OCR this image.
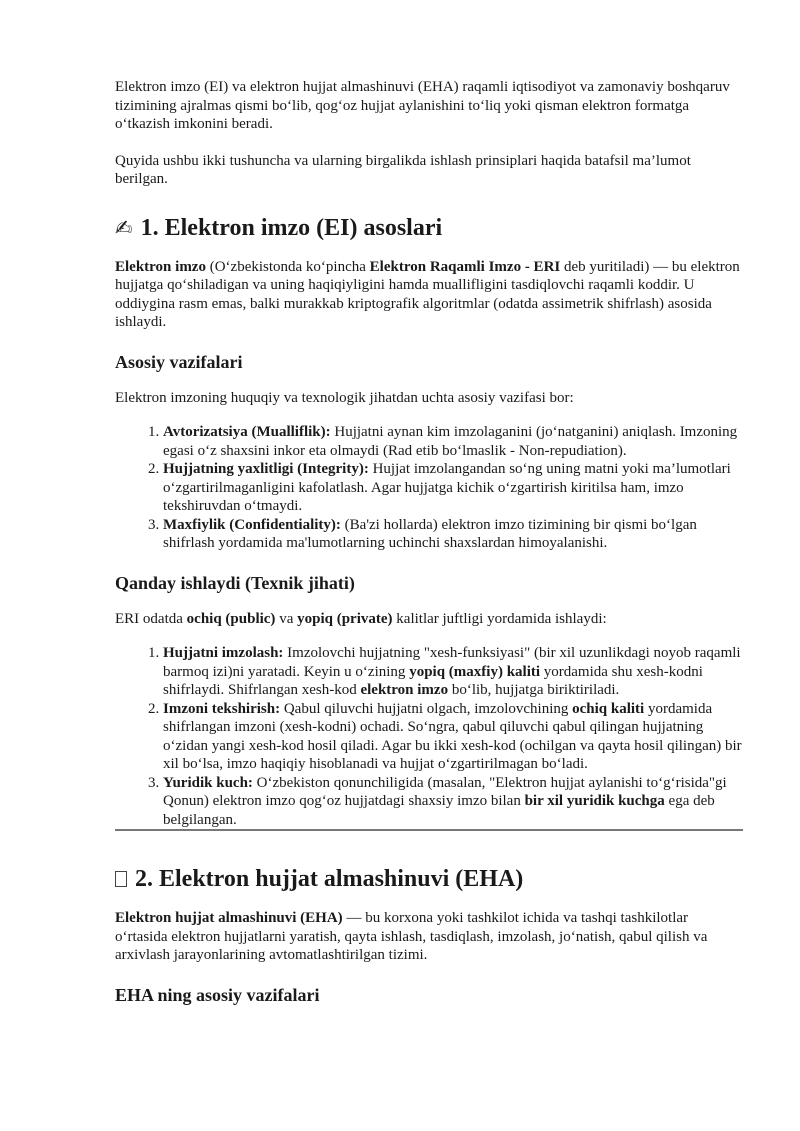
Elektron imzo (EI) va elektron hujjat almashinuvi (EHA) raqamli iqtisodiyot va zamonaviy boshqaruv tizimining ajralmas qismi bo‘lib, qog‘oz hujjat aylanishini to‘liq yoki qisman elektron formatga o‘tkazish imkonini beradi.

Quyida ushbu ikki tushuncha va ularning birgalikda ishlash prinsiplari haqida batafsil ma’lumot berilgan.

✍ 1. Elektron imzo (EI) asoslari

Elektron imzo (O‘zbekistonda ko‘pincha Elektron Raqamli Imzo - ERI deb yuritiladi) — bu elektron hujjatga qo‘shiladigan va uning haqiqiyligini hamda muallifligini tasdiqlovchi raqamli koddir. U oddiygina rasm emas, balki murakkab kriptografik algoritmlar (odatda assimetrik shifrlash) asosida ishlaydi.

Asosiy vazifalari

Elektron imzoning huquqiy va texnologik jihatdan uchta asosiy vazifasi bor:

1. Avtorizatsiya (Mualliflik): Hujjatni aynan kim imzolaganini (jo‘natganini) aniqlash. Imzoning egasi o‘z shaxsini inkor eta olmaydi (Rad etib bo‘lmaslik - Non-repudiation).
2. Hujjatning yaxlitligi (Integrity): Hujjat imzolangandan so‘ng uning matni yoki ma’lumotlari o‘zgartirilmaganligini kafolatlash. Agar hujjatga kichik o‘zgartirish kiritilsa ham, imzo tekshiruvdan o‘tmaydi.
3. Maxfiylik (Confidentiality): (Ba'zi hollarda) elektron imzo tizimining bir qismi bo‘lgan shifrlash yordamida ma'lumotlarning uchinchi shaxslardan himoyalanishi.
Qanday ishlaydi (Texnik jihati)

ERI odatda ochiq (public) va yopiq (private) kalitlar juftligi yordamida ishlaydi:

1. Hujjatni imzolash: Imzolovchi hujjatning "xesh-funksiyasi" (bir xil uzunlikdagi noyob raqamli barmoq izi)ni yaratadi. Keyin u o‘zining yopiq (maxfiy) kaliti yordamida shu xesh-kodni shifrlaydi. Shifrlangan xesh-kod elektron imzo bo‘lib, hujjatga biriktiriladi.
2. Imzoni tekshirish: Qabul qiluvchi hujjatni olgach, imzolovchining ochiq kaliti yordamida shifrlangan imzoni (xesh-kodni) ochadi. So‘ngra, qabul qiluvchi qabul qilingan hujjatning o‘zidan yangi xesh-kod hosil qiladi. Agar bu ikki xesh-kod (ochilgan va qayta hosil qilingan) bir xil bo‘lsa, imzo haqiqiy hisoblanadi va hujjat o‘zgartirilmagan bo‘ladi.
3. Yuridik kuch: O‘zbekiston qonunchiligida (masalan, "Elektron hujjat aylanishi to‘g‘risida"gi Qonun) elektron imzo qog‘oz hujjatdagi shaxsiy imzo bilan bir xil yuridik kuchga ega deb belgilangan.
2. Elektron hujjat almashinuvi (EHA)

Elektron hujjat almashinuvi (EHA) — bu korxona yoki tashkilot ichida va tashqi tashkilotlar o‘rtasida elektron hujjatlarni yaratish, qayta ishlash, tasdiqlash, imzolash, jo‘natish, qabul qilish va arxivlash jarayonlarining avtomatlashtirilgan tizimi.

EHA ning asosiy vazifalari
